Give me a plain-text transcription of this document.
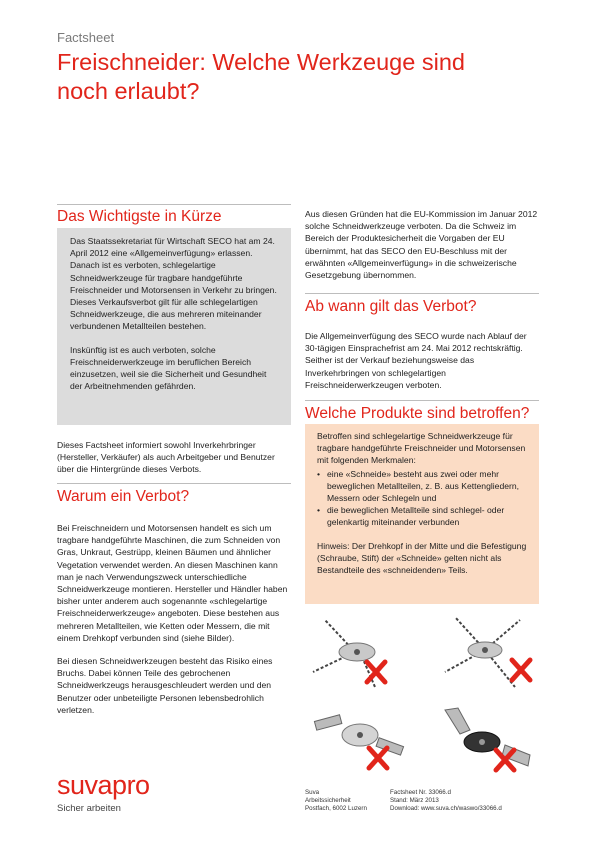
Factsheet
Freischneider: Welche Werkzeuge sind
noch erlaubt?
Das Wichtigste in Kürze

Das Staatssekretariat für Wirtschaft SECO hat am 24. April 2012 eine «Allgemeinverfügung» erlassen. Danach ist es verboten, schlegelartige Schneidwerkzeuge für tragbare handgeführte Freischneider und Motorsensen in Verkehr zu bringen. Dieses Verkaufsverbot gilt für alle schlegelartigen Schneidwerkzeuge, die aus mehreren miteinander verbundenen Metallteilen bestehen.

Inskünftig ist es auch verboten, solche Freischneiderwerkzeuge im beruflichen Bereich einzusetzen, weil sie die Sicherheit und Gesundheit der Arbeitnehmenden gefährden.

Dieses Factsheet informiert sowohl Inverkehrbringer (Hersteller, Verkäufer) als auch Arbeitgeber und Benutzer über die Hintergründe dieses Verbots.
Warum ein Verbot?

Bei Freischneidern und Motorsensen handelt es sich um tragbare handgeführte Maschinen, die zum Schneiden von Gras, Unkraut, Gestrüpp, kleinen Bäumen und ähnlicher Vegetation verwendet werden. An diesen Maschinen kann man je nach Verwendungszweck unterschiedliche Schneidwerkzeuge montieren. Hersteller und Händler haben bisher unter anderem auch sogenannte «schlegelartige Freischneiderwerkzeuge» angeboten. Diese bestehen aus mehreren Metallteilen, wie Ketten oder Messern, die mit einem Drehkopf verbunden sind (siehe Bilder).

Bei diesen Schneidwerkzeugen besteht das Risiko eines Bruchs. Dabei können Teile des gebrochenen Schneidwerkzeugs herausgeschleudert werden und den Benutzer oder unbeteiligte Personen lebensbedrohlich verletzen.

Aus diesen Gründen hat die EU-Kommission im Januar 2012 solche Schneidwerkzeuge verboten. Da die Schweiz im Bereich der Produktesicherheit die Vorgaben der EU übernimmt, hat das SECO den EU-Beschluss mit der erwähnten «Allgemeinverfügung» in die schweizerische Gesetzgebung übernommen.
Ab wann gilt das Verbot?
Die Allgemeinverfügung des SECO wurde nach Ablauf der 30-tägigen Einsprachefrist am 24. Mai 2012 rechtskräftig. Seither ist der Verkauf beziehungsweise das Inverkehrbringen von schlegelartigen Freischneiderwerkzeugen verboten.
Welche Produkte sind betroffen?

Betroffen sind schlegelartige Schneidwerkzeuge für tragbare handgeführte Freischneider und Motorsensen mit folgenden Merkmalen:

• eine «Schneide» besteht aus zwei oder mehr beweglichen Metallteilen, z. B. aus Kettengliedern, Messern oder Schlegeln und
• die beweglichen Metallteile sind schlegel- oder gelenkartig miteinander verbunden

Hinweis: Der Drehkopf in der Mitte und die Befestigung (Schraube, Stift) der «Schneide» gelten nicht als Bestandteile des «schneidenden» Teils.

suvapro
Sicher arbeiten
Suva
Arbeitssicherheit
Postfach, 6002 Luzern
Factsheet Nr. 33066.d
Stand: März 2013
Download: www.suva.ch/waswo/33066.d
